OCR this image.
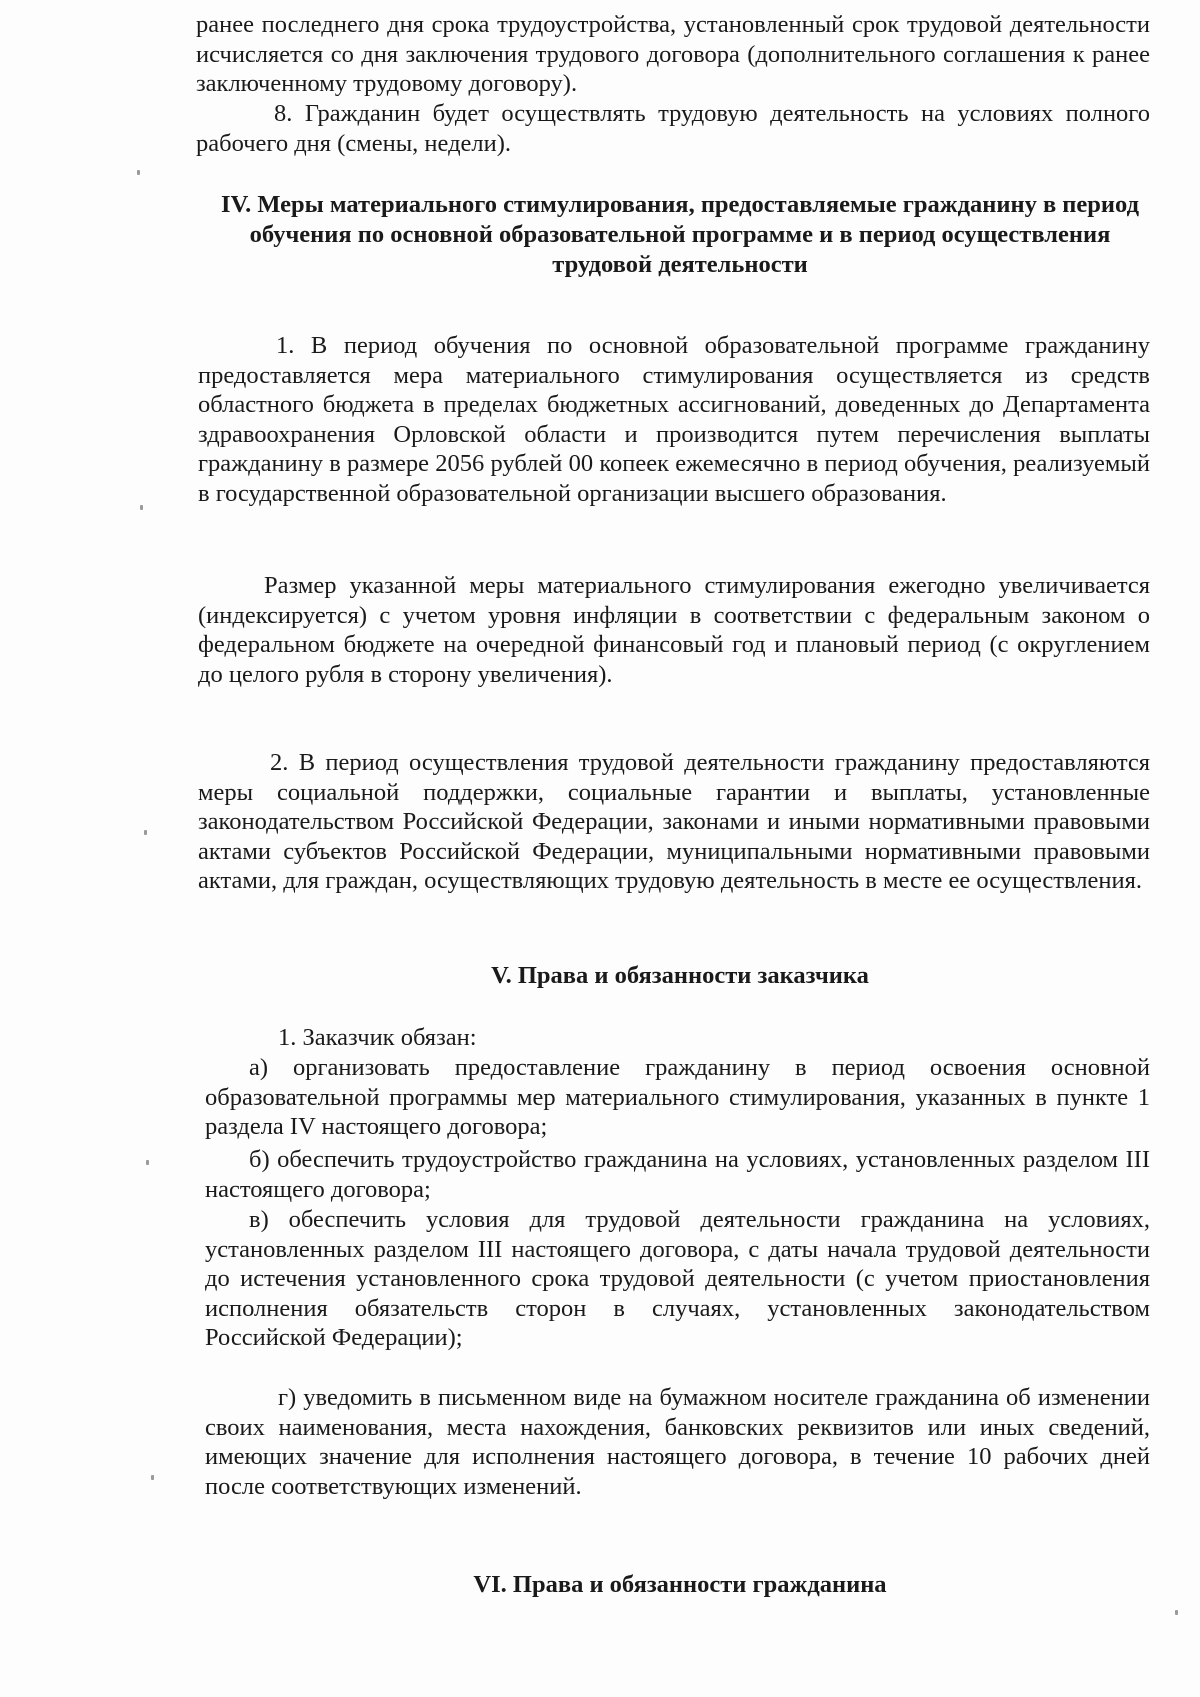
ранее последнего дня срока трудоустройства, установленный срок трудовой деятельности исчисляется со дня заключения трудового договора (дополнительного соглашения к ранее заключенному трудовому договору).

8. Гражданин будет осуществлять трудовую деятельность на условиях полного рабочего дня (смены, недели).

IV. Меры материального стимулирования, предоставляемые гражданину в период обучения по основной образовательной программе и в период осуществления трудовой деятельности

1. В период обучения по основной образовательной программе гражданину предоставляется мера материального стимулирования осуществляется из средств областного бюджета в пределах бюджетных ассигнований, доведенных до Департамента здравоохранения Орловской области и производится путем перечисления выплаты гражданину в размере 2056 рублей 00 копеек ежемесячно в период обучения, реализуемый в государственной образовательной организации высшего образования.

Размер указанной меры материального стимулирования ежегодно увеличивается (индексируется) с учетом уровня инфляции в соответствии с федеральным законом о федеральном бюджете на очередной финансовый год и плановый период (с округлением до целого рубля в сторону увеличения).

2. В период осуществления трудовой деятельности гражданину предоставляются меры социальной поддержки, социальные гарантии и выплаты, установленные законодательством Российской Федерации, законами и иными нормативными правовыми актами субъектов Российской Федерации, муниципальными нормативными правовыми актами, для граждан, осуществляющих трудовую деятельность в месте ее осуществления.

V. Права и обязанности заказчика

1. Заказчик обязан:

а) организовать предоставление гражданину в период освоения основной образовательной программы мер материального стимулирования, указанных в пункте 1 раздела IV настоящего договора;

б) обеспечить трудоустройство гражданина на условиях, установленных разделом III настоящего договора;

в) обеспечить условия для трудовой деятельности гражданина на условиях, установленных разделом III настоящего договора, с даты начала трудовой деятельности до истечения установленного срока трудовой деятельности (с учетом приостановления исполнения обязательств сторон в случаях, установленных законодательством Российской Федерации);

г) уведомить в письменном виде на бумажном носителе гражданина об изменении своих наименования, места нахождения, банковских реквизитов или иных сведений, имеющих значение для исполнения настоящего договора, в течение 10 рабочих дней после соответствующих изменений.

VI. Права и обязанности гражданина
